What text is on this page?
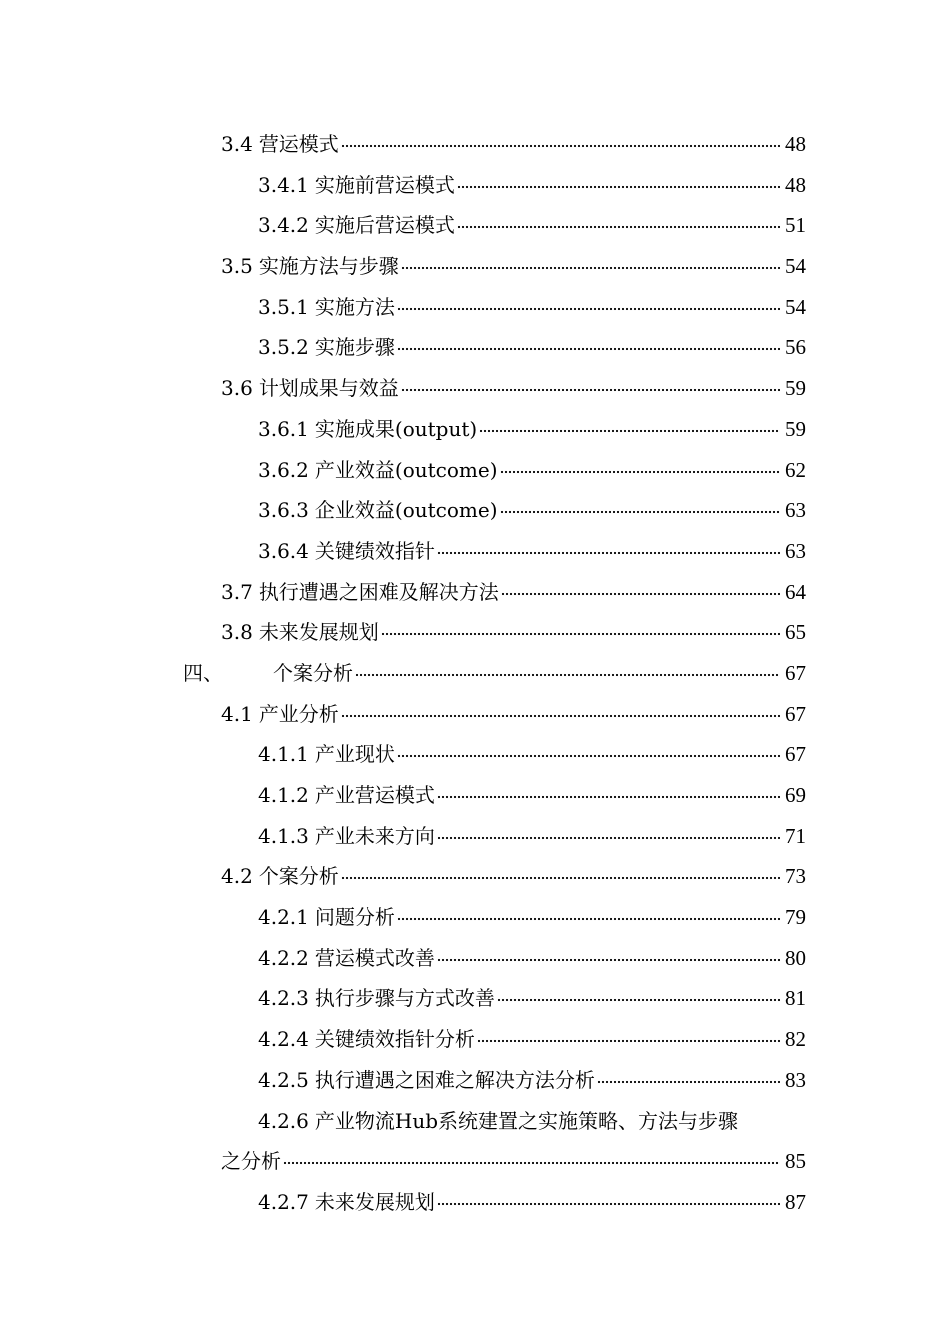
3.4 营运模式	48
3.4.1 实施前营运模式	48
3.4.2 实施后营运模式	51
3.5 实施方法与步骤	54
3.5.1 实施方法	54
3.5.2 实施步骤	56
3.6 计划成果与效益	59
3.6.1 实施成果(output)	59
3.6.2 产业效益(outcome)	62
3.6.3 企业效益(outcome)	63
3.6.4 关键绩效指针	63
3.7 执行遭遇之困难及解决方法	64
3.8 未来发展规划	65
四、	个案分析	67
4.1 产业分析	67
4.1.1 产业现状	67
4.1.2 产业营运模式	69
4.1.3 产业未来方向	71
4.2 个案分析	73
4.2.1 问题分析	79
4.2.2 营运模式改善	80
4.2.3 执行步骤与方式改善	81
4.2.4 关键绩效指针分析	82
4.2.5 执行遭遇之困难之解决方法分析	83
4.2.6 产业物流Hub系统建置之实施策略、方法与步骤
之分析	85
4.2.7 未来发展规划	87
